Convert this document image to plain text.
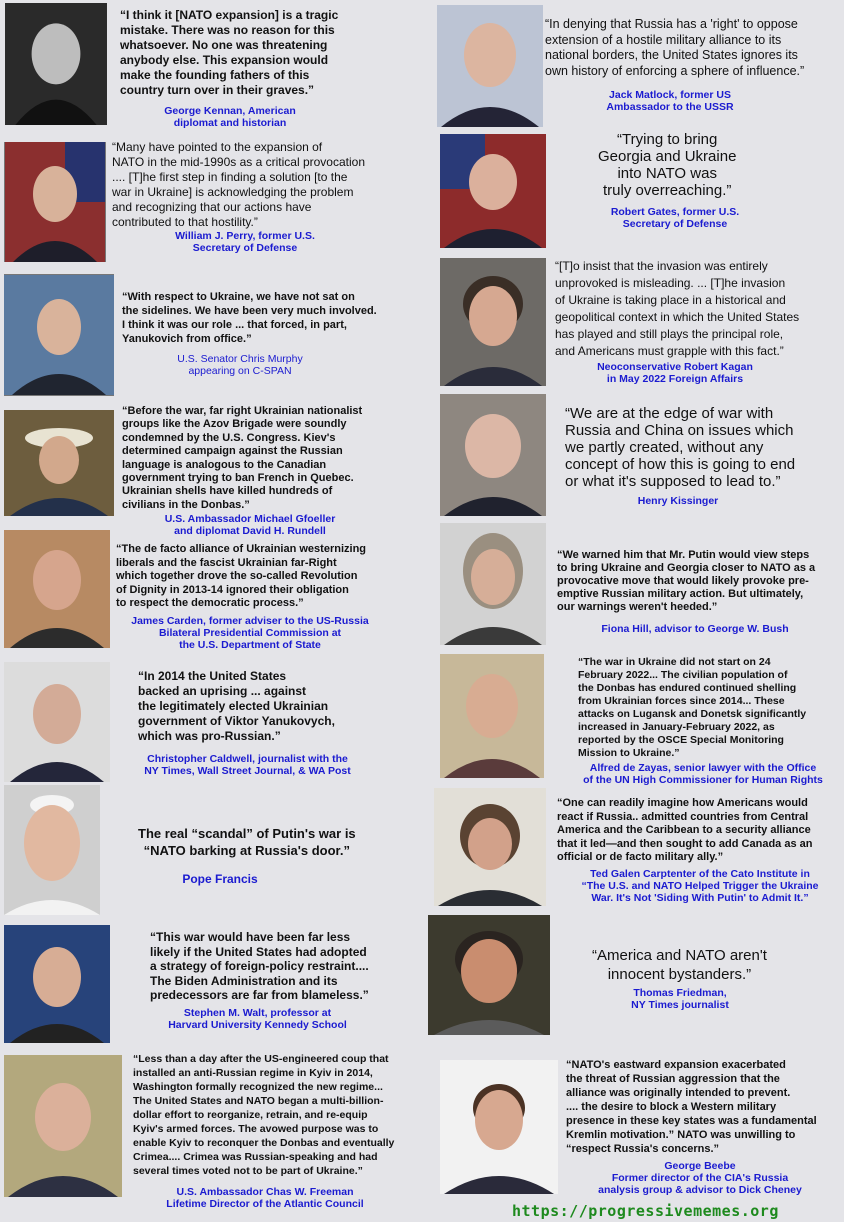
“I think it [NATO expansion] is a tragic
mistake. There was no reason for this
whatsoever. No one was threatening
anybody else. This expansion would
make the founding fathers of this
country turn over in their graves.”
George Kennan, American
diplomat and historian
“Many have pointed to the expansion of
NATO in the mid-1990s as a critical provocation
.... [T]he first step in finding a solution [to the
war in Ukraine] is acknowledging the problem
and recognizing that our actions have
contributed to that hostility.”
William J. Perry, former U.S.
Secretary of Defense
“With respect to Ukraine, we have not sat on
the sidelines. We have been very much involved.
I think it was our role ... that forced, in part,
Yanukovich from office.”
U.S. Senator Chris Murphy
appearing on C-SPAN
“Before the war, far right Ukrainian nationalist
groups like the Azov Brigade were soundly
condemned by the U.S. Congress. Kiev's
determined campaign against the Russian
language is analogous to the Canadian
government trying to ban French in Quebec.
Ukrainian shells have killed hundreds of
civilians in the Donbas.”
U.S. Ambassador Michael Gfoeller
and diplomat David H. Rundell
“The de facto alliance of Ukrainian westernizing
liberals and the fascist Ukrainian far-Right
which together drove the so-called Revolution
of Dignity in 2013-14 ignored their obligation
to respect the democratic process.”
James Carden, former adviser to the US-Russia
Bilateral Presidential Commission at
the U.S. Department of State
“In 2014 the United States
backed an uprising ... against
the legitimately elected Ukrainian
government of Viktor Yanukovych,
which was pro-Russian.”
Christopher Caldwell, journalist with the
NY Times, Wall Street Journal, & WA Post
The real “scandal” of Putin's war is
“NATO barking at Russia's door.”
Pope Francis
“This war would have been far less
likely if the United States had adopted
a strategy of foreign-policy restraint....
The Biden Administration and its
predecessors are far from blameless.”
Stephen M. Walt, professor at
Harvard University Kennedy School
“Less than a day after the US-engineered coup that
installed an anti-Russian regime in Kyiv in 2014,
Washington formally recognized the new regime...
The United States and NATO began a multi-billion-
dollar effort to reorganize, retrain, and re-equip
Kyiv's armed forces. The avowed purpose was to
enable Kyiv to reconquer the Donbas and eventually
Crimea.... Crimea was Russian-speaking and had
several times voted not to be part of Ukraine.”
U.S. Ambassador Chas W. Freeman
Lifetime Director of the Atlantic Council
“In denying that Russia has a 'right' to oppose
extension of a hostile military alliance to its
national borders, the United States ignores its
own history of enforcing a sphere of influence.”
Jack Matlock, former US
Ambassador to the USSR
“Trying to bring
Georgia and Ukraine
into NATO was
truly overreaching.”
Robert Gates, former U.S.
Secretary of Defense
“[T]o insist that the invasion was entirely
unprovoked is misleading. ... [T]he invasion
of Ukraine is taking place in a historical and
geopolitical context in which the United States
has played and still plays the principal role,
and Americans must grapple with this fact.”
Neoconservative Robert Kagan
in May 2022 Foreign Affairs
“We are at the edge of war with
Russia and China on issues which
we partly created, without any
concept of how this is going to end
or what it's supposed to lead to.”
Henry Kissinger
“We warned him that Mr. Putin would view steps
to bring Ukraine and Georgia closer to NATO as a
provocative move that would likely provoke pre-
emptive Russian military action. But ultimately,
our warnings weren't heeded.”
Fiona Hill, advisor to George W. Bush
“The war in Ukraine did not start on 24
February 2022... The civilian population of
the Donbas has endured continued shelling
from Ukrainian forces since 2014... These
attacks on Lugansk and Donetsk significantly
increased in January-February 2022, as
reported by the OSCE Special Monitoring
Mission to Ukraine.”
Alfred de Zayas, senior lawyer with the Office
of the UN High Commissioner for Human Rights
“One can readily imagine how Americans would
react if Russia.. admitted countries from Central
America and the Caribbean to a security alliance
that it led—and then sought to add Canada as an
official or de facto military ally.”
Ted Galen Carptenter of the Cato Institute in
“The U.S. and NATO Helped Trigger the Ukraine
War. It's Not 'Siding With Putin' to Admit It.”
“America and NATO aren't
innocent bystanders.”
Thomas Friedman,
NY Times journalist
“NATO's eastward expansion exacerbated
the threat of Russian aggression that the
alliance was originally intended to prevent.
.... the desire to block a Western military
presence in these key states was a fundamental
Kremlin motivation.” NATO was unwilling to
“respect Russia's concerns.”
George Beebe
Former director of the CIA's Russia
analysis group & advisor to Dick Cheney
https://progressivememes.org
